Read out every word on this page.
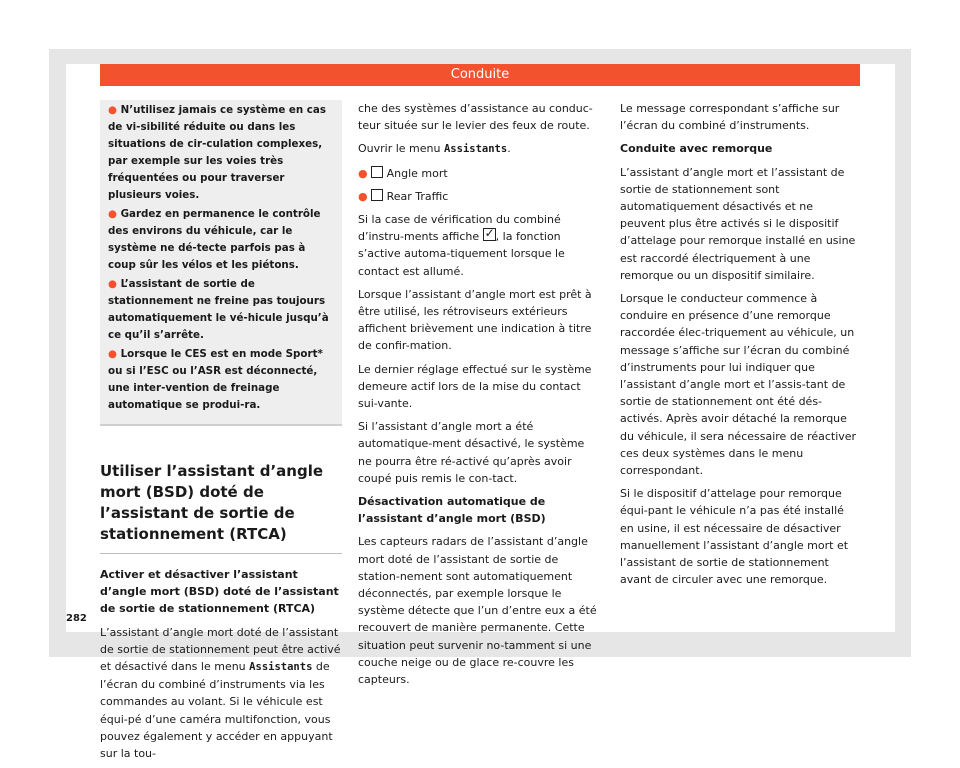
Conduite

● N’utilisez jamais ce système en cas de vi-sibilité réduite ou dans les situations de cir-culation complexes, par exemple sur les voies très fréquentées ou pour traverser plusieurs voies.

● Gardez en permanence le contrôle des environs du véhicule, car le système ne dé-tecte parfois pas à coup sûr les vélos et les piétons.

● L’assistant de sortie de stationnement ne freine pas toujours automatiquement le vé-hicule jusqu’à ce qu’il s’arrête.

● Lorsque le CES est en mode Sport* ou si l’ESC ou l’ASR est déconnecté, une inter-vention de freinage automatique se produi-ra.

Utiliser l’assistant d’angle mort (BSD) doté de l’assistant de sortie de stationnement (RTCA)

Activer et désactiver l’assistant d’angle mort (BSD) doté de l’assistant de sortie de stationnement (RTCA)

L’assistant d’angle mort doté de l’assistant de sortie de stationnement peut être activé et désactivé dans le menu Assistants de l’écran du combiné d’instruments via les commandes au volant. Si le véhicule est équi-pé d’une caméra multifonction, vous pouvez également y accéder en appuyant sur la tou-

che des systèmes d’assistance au conduc-teur située sur le levier des feux de route.

Ouvrir le menu Assistants.

●  Angle mort

●  Rear Traffic

Si la case de vérification du combiné d’instru-ments affiche ✓ , la fonction s’active automa-tiquement lorsque le contact est allumé.

Lorsque l’assistant d’angle mort est prêt à être utilisé, les rétroviseurs extérieurs affichent brièvement une indication à titre de confir-mation.

Le dernier réglage effectué sur le système demeure actif lors de la mise du contact sui-vante.

Si l’assistant d’angle mort a été automatique-ment désactivé, le système ne pourra être ré-activé qu’après avoir coupé puis remis le con-tact.

Désactivation automatique de l’assistant d’angle mort (BSD)

Les capteurs radars de l’assistant d’angle mort doté de l’assistant de sortie de station-nement sont automatiquement déconnectés, par exemple lorsque le système détecte que l’un d’entre eux a été recouvert de manière permanente. Cette situation peut survenir no-tamment si une couche neige ou de glace re-couvre les capteurs.

Le message correspondant s’affiche sur l’écran du combiné d’instruments.

Conduite avec remorque

L’assistant d’angle mort et l’assistant de sortie de stationnement sont automatiquement désactivés et ne peuvent plus être activés si le dispositif d’attelage pour remorque installé en usine est raccordé électriquement à une remorque ou un dispositif similaire.

Lorsque le conducteur commence à conduire en présence d’une remorque raccordée élec-triquement au véhicule, un message s’affiche sur l’écran du combiné d’instruments pour lui indiquer que l’assistant d’angle mort et l’assis-tant de sortie de stationnement ont été dés-activés. Après avoir détaché la remorque du véhicule, il sera nécessaire de réactiver ces deux systèmes dans le menu correspondant.

Si le dispositif d’attelage pour remorque équi-pant le véhicule n’a pas été installé en usine, il est nécessaire de désactiver manuellement l’assistant d’angle mort et l’assistant de sortie de stationnement avant de circuler avec une remorque.

282
